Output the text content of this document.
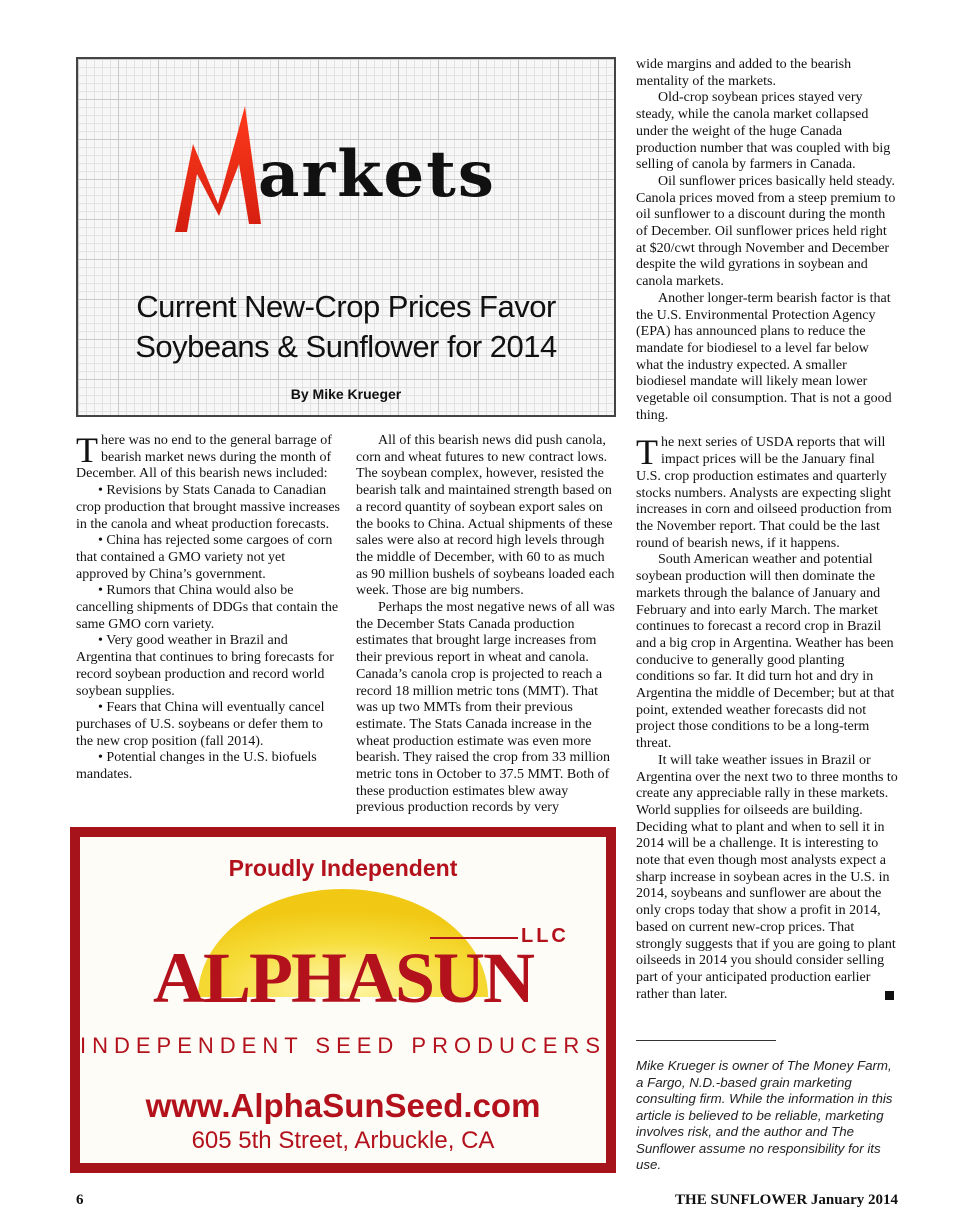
arkets
Current New-Crop Prices Favor
Soybeans & Sunflower for 2014
By Mike Krueger

There was no end to the general barrage of bearish market news during the month of December. All of this bearish news included:

• Revisions by Stats Canada to Canadian crop production that brought massive increases in the canola and wheat production forecasts.

• China has rejected some cargoes of corn that contained a GMO variety not yet approved by China’s government.

• Rumors that China would also be cancelling shipments of DDGs that contain the same GMO corn variety.

• Very good weather in Brazil and Argentina that continues to bring forecasts for record soybean production and record world soybean supplies.

• Fears that China will eventually cancel purchases of U.S. soybeans or defer them to the new crop position (fall 2014).

• Potential changes in the U.S. biofuels mandates.

All of this bearish news did push canola, corn and wheat futures to new contract lows. The soybean complex, however, resisted the bearish talk and maintained strength based on a record quantity of soybean export sales on the books to China. Actual shipments of these sales were also at record high levels through the middle of December, with 60 to as much as 90 million bushels of soybeans loaded each week. Those are big numbers.

Perhaps the most negative news of all was the December Stats Canada production estimates that brought large increases from their previous report in wheat and canola. Canada’s canola crop is projected to reach a record 18 million metric tons (MMT). That was up two MMTs from their previous estimate. The Stats Canada increase in the wheat production estimate was even more bearish. They raised the crop from 33 million metric tons in October to 37.5 MMT. Both of these production estimates blew away previous production records by very

wide margins and added to the bearish mentality of the markets.

Old-crop soybean prices stayed very steady, while the canola market collapsed under the weight of the huge Canada production number that was coupled with big selling of canola by farmers in Canada.

Oil sunflower prices basically held steady. Canola prices moved from a steep premium to oil sunflower to a discount during the month of December. Oil sunflower prices held right at $20/cwt through November and December despite the wild gyrations in soybean and canola markets.

Another longer-term bearish factor is that the U.S. Environmental Protection Agency (EPA) has announced plans to reduce the mandate for biodiesel to a level far below what the industry expected. A smaller biodiesel mandate will likely mean lower vegetable oil consumption. That is not a good thing.

The next series of USDA reports that will impact prices will be the January final U.S. crop production estimates and quarterly stocks numbers. Analysts are expecting slight increases in corn and oilseed production from the November report. That could be the last round of bearish news, if it happens.

South American weather and potential soybean production will then dominate the markets through the balance of January and February and into early March. The market continues to forecast a record crop in Brazil and a big crop in Argentina. Weather has been conducive to generally good planting conditions so far. It did turn hot and dry in Argentina the middle of December; but at that point, extended weather forecasts did not project those conditions to be a long-term threat.

It will take weather issues in Brazil or Argentina over the next two to three months to create any appreciable rally in these markets. World supplies for oilseeds are building. Deciding what to plant and when to sell it in 2014 will be a challenge. It is interesting to note that even though most analysts expect a sharp increase in soybean acres in the U.S. in 2014, soybeans and sunflower are about the only crops today that show a profit in 2014, based on current new-crop prices. That strongly suggests that if you are going to plant oilseeds in 2014 you should consider selling part of your anticipated production earlier rather than later.

Mike Krueger is owner of The Money Farm, a Fargo, N.D.-based grain marketing consulting firm. While the information in this article is believed to be reliable, marketing involves risk, and the author and The Sunflower assume no responsibility for its use.
Proudly Independent
LLC
ALPHASUN
INDEPENDENT SEED PRODUCERS
www.AlphaSunSeed.com
605 5th Street, Arbuckle, CA
6	THE SUNFLOWER January 2014
